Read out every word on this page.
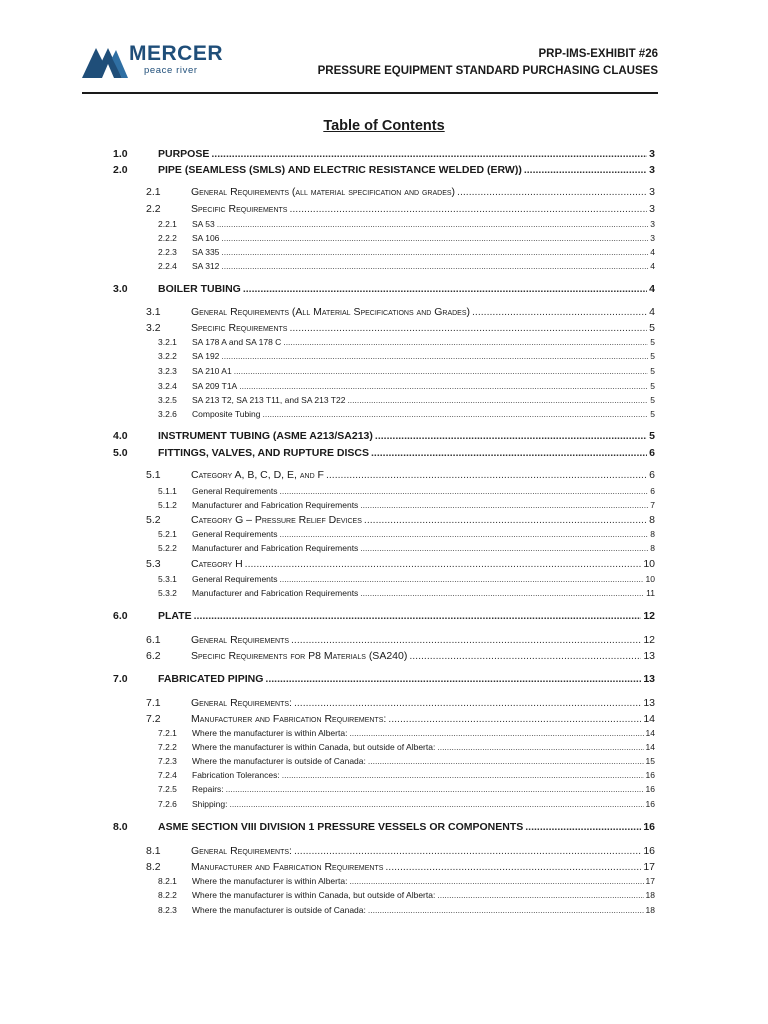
MERCER
peace river
PRP-IMS-EXHIBIT #26
PRESSURE EQUIPMENT STANDARD PURCHASING CLAUSES
Table of Contents
1.0	PURPOSE .....	3
2.0	PIPE (SEAMLESS (SMLS) AND ELECTRIC RESISTANCE WELDED (ERW)) .....	3
2.1	General Requirements (all material specification and grades) .....	3
2.2	Specific Requirements .....	3
2.2.1	SA 53 .....	3
2.2.2	SA 106 .....	3
2.2.3	SA 335 .....	4
2.2.4	SA 312 .....	4
3.0	BOILER TUBING .....	4
3.1	General Requirements (All Material Specifications and Grades) .....	4
3.2	Specific Requirements .....	5
3.2.1	SA 178 A and SA 178 C .....	5
3.2.2	SA 192 .....	5
3.2.3	SA 210 A1 .....	5
3.2.4	SA 209 T1A .....	5
3.2.5	SA 213 T2, SA 213 T11, and SA 213 T22 .....	5
3.2.6	Composite Tubing .....	5
4.0	INSTRUMENT TUBING (ASME A213/SA213) .....	5
5.0	FITTINGS, VALVES, AND RUPTURE DISCS .....	6
5.1	Category A, B, C, D, E, and F .....	6
5.1.1	General Requirements .....	6
5.1.2	Manufacturer and Fabrication Requirements .....	7
5.2	Category G – Pressure Relief Devices .....	8
5.2.1	General Requirements .....	8
5.2.2	Manufacturer and Fabrication Requirements .....	8
5.3	Category H .....	10
5.3.1	General Requirements .....	10
5.3.2	Manufacturer and Fabrication Requirements .....	11
6.0	PLATE .....	12
6.1	General Requirements .....	12
6.2	Specific Requirements for P8 Materials (SA240) .....	13
7.0	FABRICATED PIPING .....	13
7.1	General Requirements: .....	13
7.2	Manufacturer and Fabrication Requirements: .....	14
7.2.1	Where the manufacturer is within Alberta: .....	14
7.2.2	Where the manufacturer is within Canada, but outside of Alberta: .....	14
7.2.3	Where the manufacturer is outside of Canada: .....	15
7.2.4	Fabrication Tolerances: .....	16
7.2.5	Repairs: .....	16
7.2.6	Shipping: .....	16
8.0	ASME SECTION VIII DIVISION 1 PRESSURE VESSELS OR COMPONENTS .....	16
8.1	General Requirements: .....	16
8.2	Manufacturer and Fabrication Requirements .....	17
8.2.1	Where the manufacturer is within Alberta: .....	17
8.2.2	Where the manufacturer is within Canada, but outside of Alberta: .....	18
8.2.3	Where the manufacturer is outside of Canada: .....	18
